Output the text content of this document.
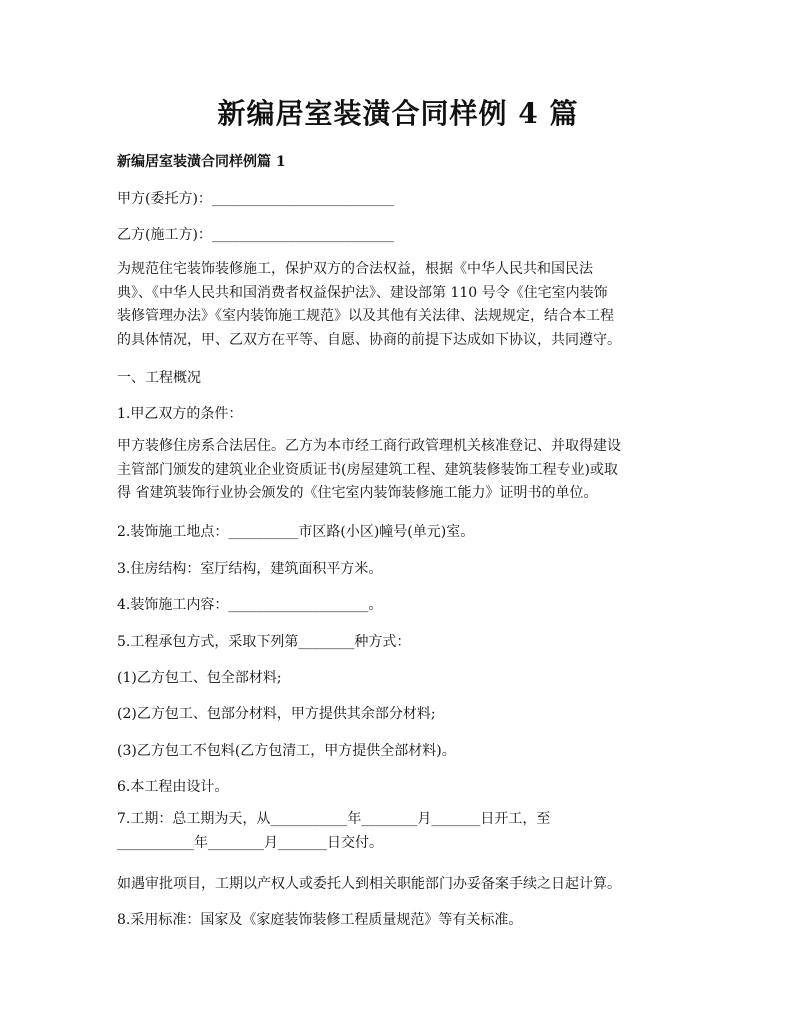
新编居室装潢合同样例 4 篇
新编居室装潢合同样例篇 1
甲方(委托方)：__________________________
乙方(施工方)：__________________________
为规范住宅装饰装修施工，保护双方的合法权益，根据《中华人民共和国民法
典》、《中华人民共和国消费者权益保护法》、建设部第 110 号令《住宅室内装饰
装修管理办法》《室内装饰施工规范》以及其他有关法律、法规规定，结合本工程
的具体情况，甲、乙双方在平等、自愿、协商的前提下达成如下协议，共同遵守。
一、工程概况
1.甲乙双方的条件：
甲方装修住房系合法居住。乙方为本市经工商行政管理机关核准登记、并取得建设
主管部门颁发的建筑业企业资质证书(房屋建筑工程、建筑装修装饰工程专业)或取
得 省建筑装饰行业协会颁发的《住宅室内装饰装修施工能力》证明书的单位。
2.装饰施工地点：__________市区路(小区)幢号(单元)室。
3.住房结构：室厅结构，建筑面积平方米。
4.装饰施工内容：____________________。
5.工程承包方式，采取下列第________种方式：
(1)乙方包工、包全部材料;
(2)乙方包工、包部分材料，甲方提供其余部分材料;
(3)乙方包工不包料(乙方包清工，甲方提供全部材料)。
6.本工程由设计。
7.工期：总工期为天，从___________年________月_______日开工，至
___________年________月_______日交付。
如遇审批项目，工期以产权人或委托人到相关职能部门办妥备案手续之日起计算。
8.采用标准：国家及《家庭装饰装修工程质量规范》等有关标准。
